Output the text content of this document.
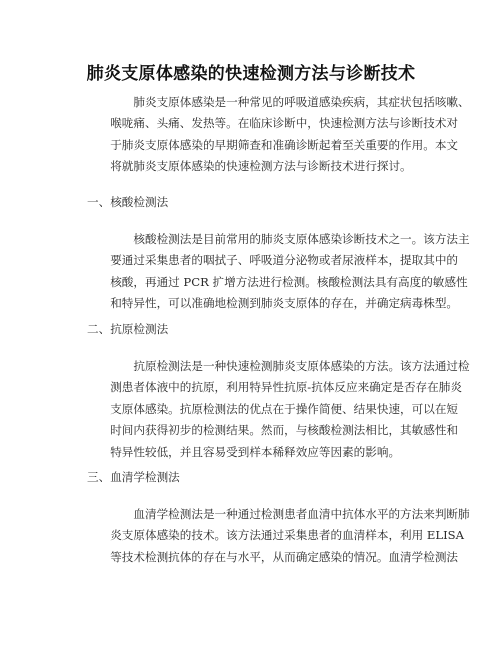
肺炎支原体感染的快速检测方法与诊断技术
肺炎支原体感染是一种常见的呼吸道感染疾病，其症状包括咳嗽、
喉咙痛、头痛、发热等。在临床诊断中，快速检测方法与诊断技术对
于肺炎支原体感染的早期筛查和准确诊断起着至关重要的作用。本文
将就肺炎支原体感染的快速检测方法与诊断技术进行探讨。
一、核酸检测法
核酸检测法是目前常用的肺炎支原体感染诊断技术之一。该方法主
要通过采集患者的咽拭子、呼吸道分泌物或者尿液样本，提取其中的
核酸，再通过 PCR 扩增方法进行检测。核酸检测法具有高度的敏感性
和特异性，可以准确地检测到肺炎支原体的存在，并确定病毒株型。
二、抗原检测法
抗原检测法是一种快速检测肺炎支原体感染的方法。该方法通过检
测患者体液中的抗原，利用特异性抗原-抗体反应来确定是否存在肺炎
支原体感染。抗原检测法的优点在于操作简便、结果快速，可以在短
时间内获得初步的检测结果。然而，与核酸检测法相比，其敏感性和
特异性较低，并且容易受到样本稀释效应等因素的影响。
三、血清学检测法
血清学检测法是一种通过检测患者血清中抗体水平的方法来判断肺
炎支原体感染的技术。该方法通过采集患者的血清样本，利用 ELISA
等技术检测抗体的存在与水平，从而确定感染的情况。血清学检测法
